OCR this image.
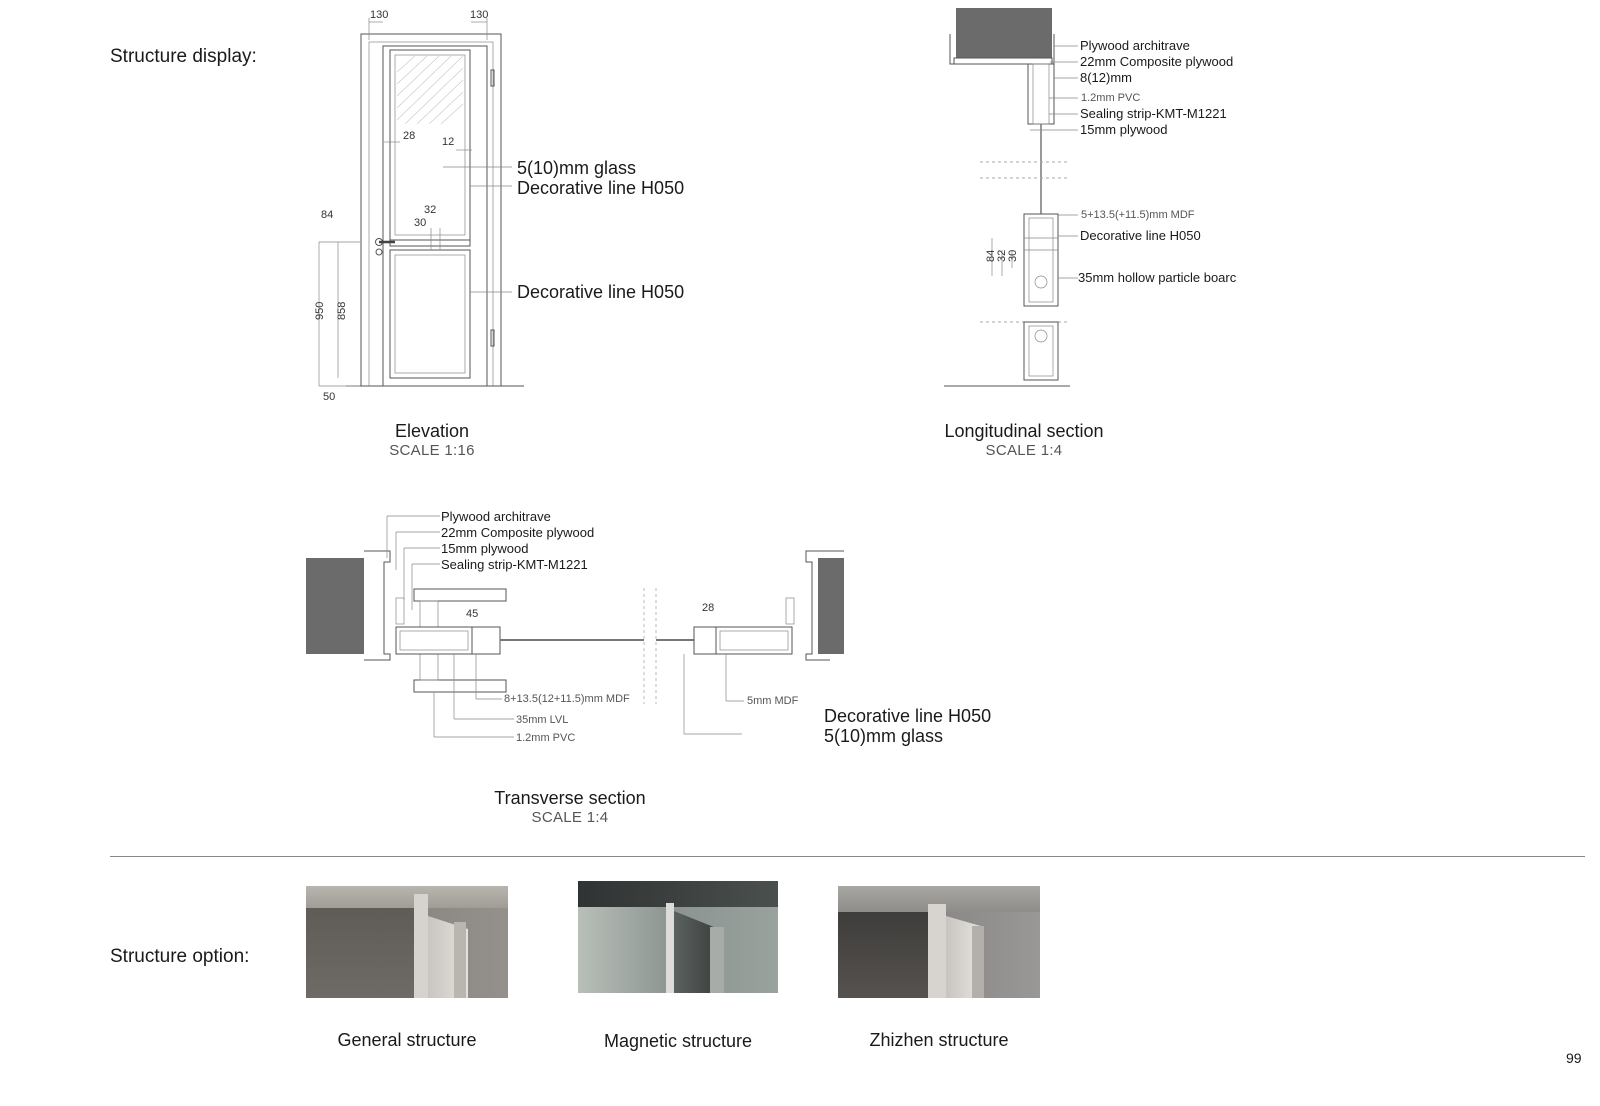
Structure display:
Structure option:
130	130
28 12
32
30
84
950 858
50
5(10)mm glass
Decorative line H050
Decorative line H050
Elevation
SCALE 1:16
84 32 30
Plywood architrave
22mm Composite plywood
8(12)mm
1.2mm PVC
Sealing strip-KMT-M1221
15mm plywood
5+13.5(+11.5)mm MDF
Decorative line H050
35mm hollow particle boarc
Longitudinal section
SCALE 1:4
45	28
Plywood architrave
22mm Composite plywood
15mm plywood
Sealing strip-KMT-M1221
8+13.5(12+11.5)mm MDF
35mm LVL
1.2mm PVC
5mm MDF
Decorative line H050
5(10)mm glass
Transverse section
SCALE 1:4
General structure	Magnetic structure	Zhizhen structure
99
